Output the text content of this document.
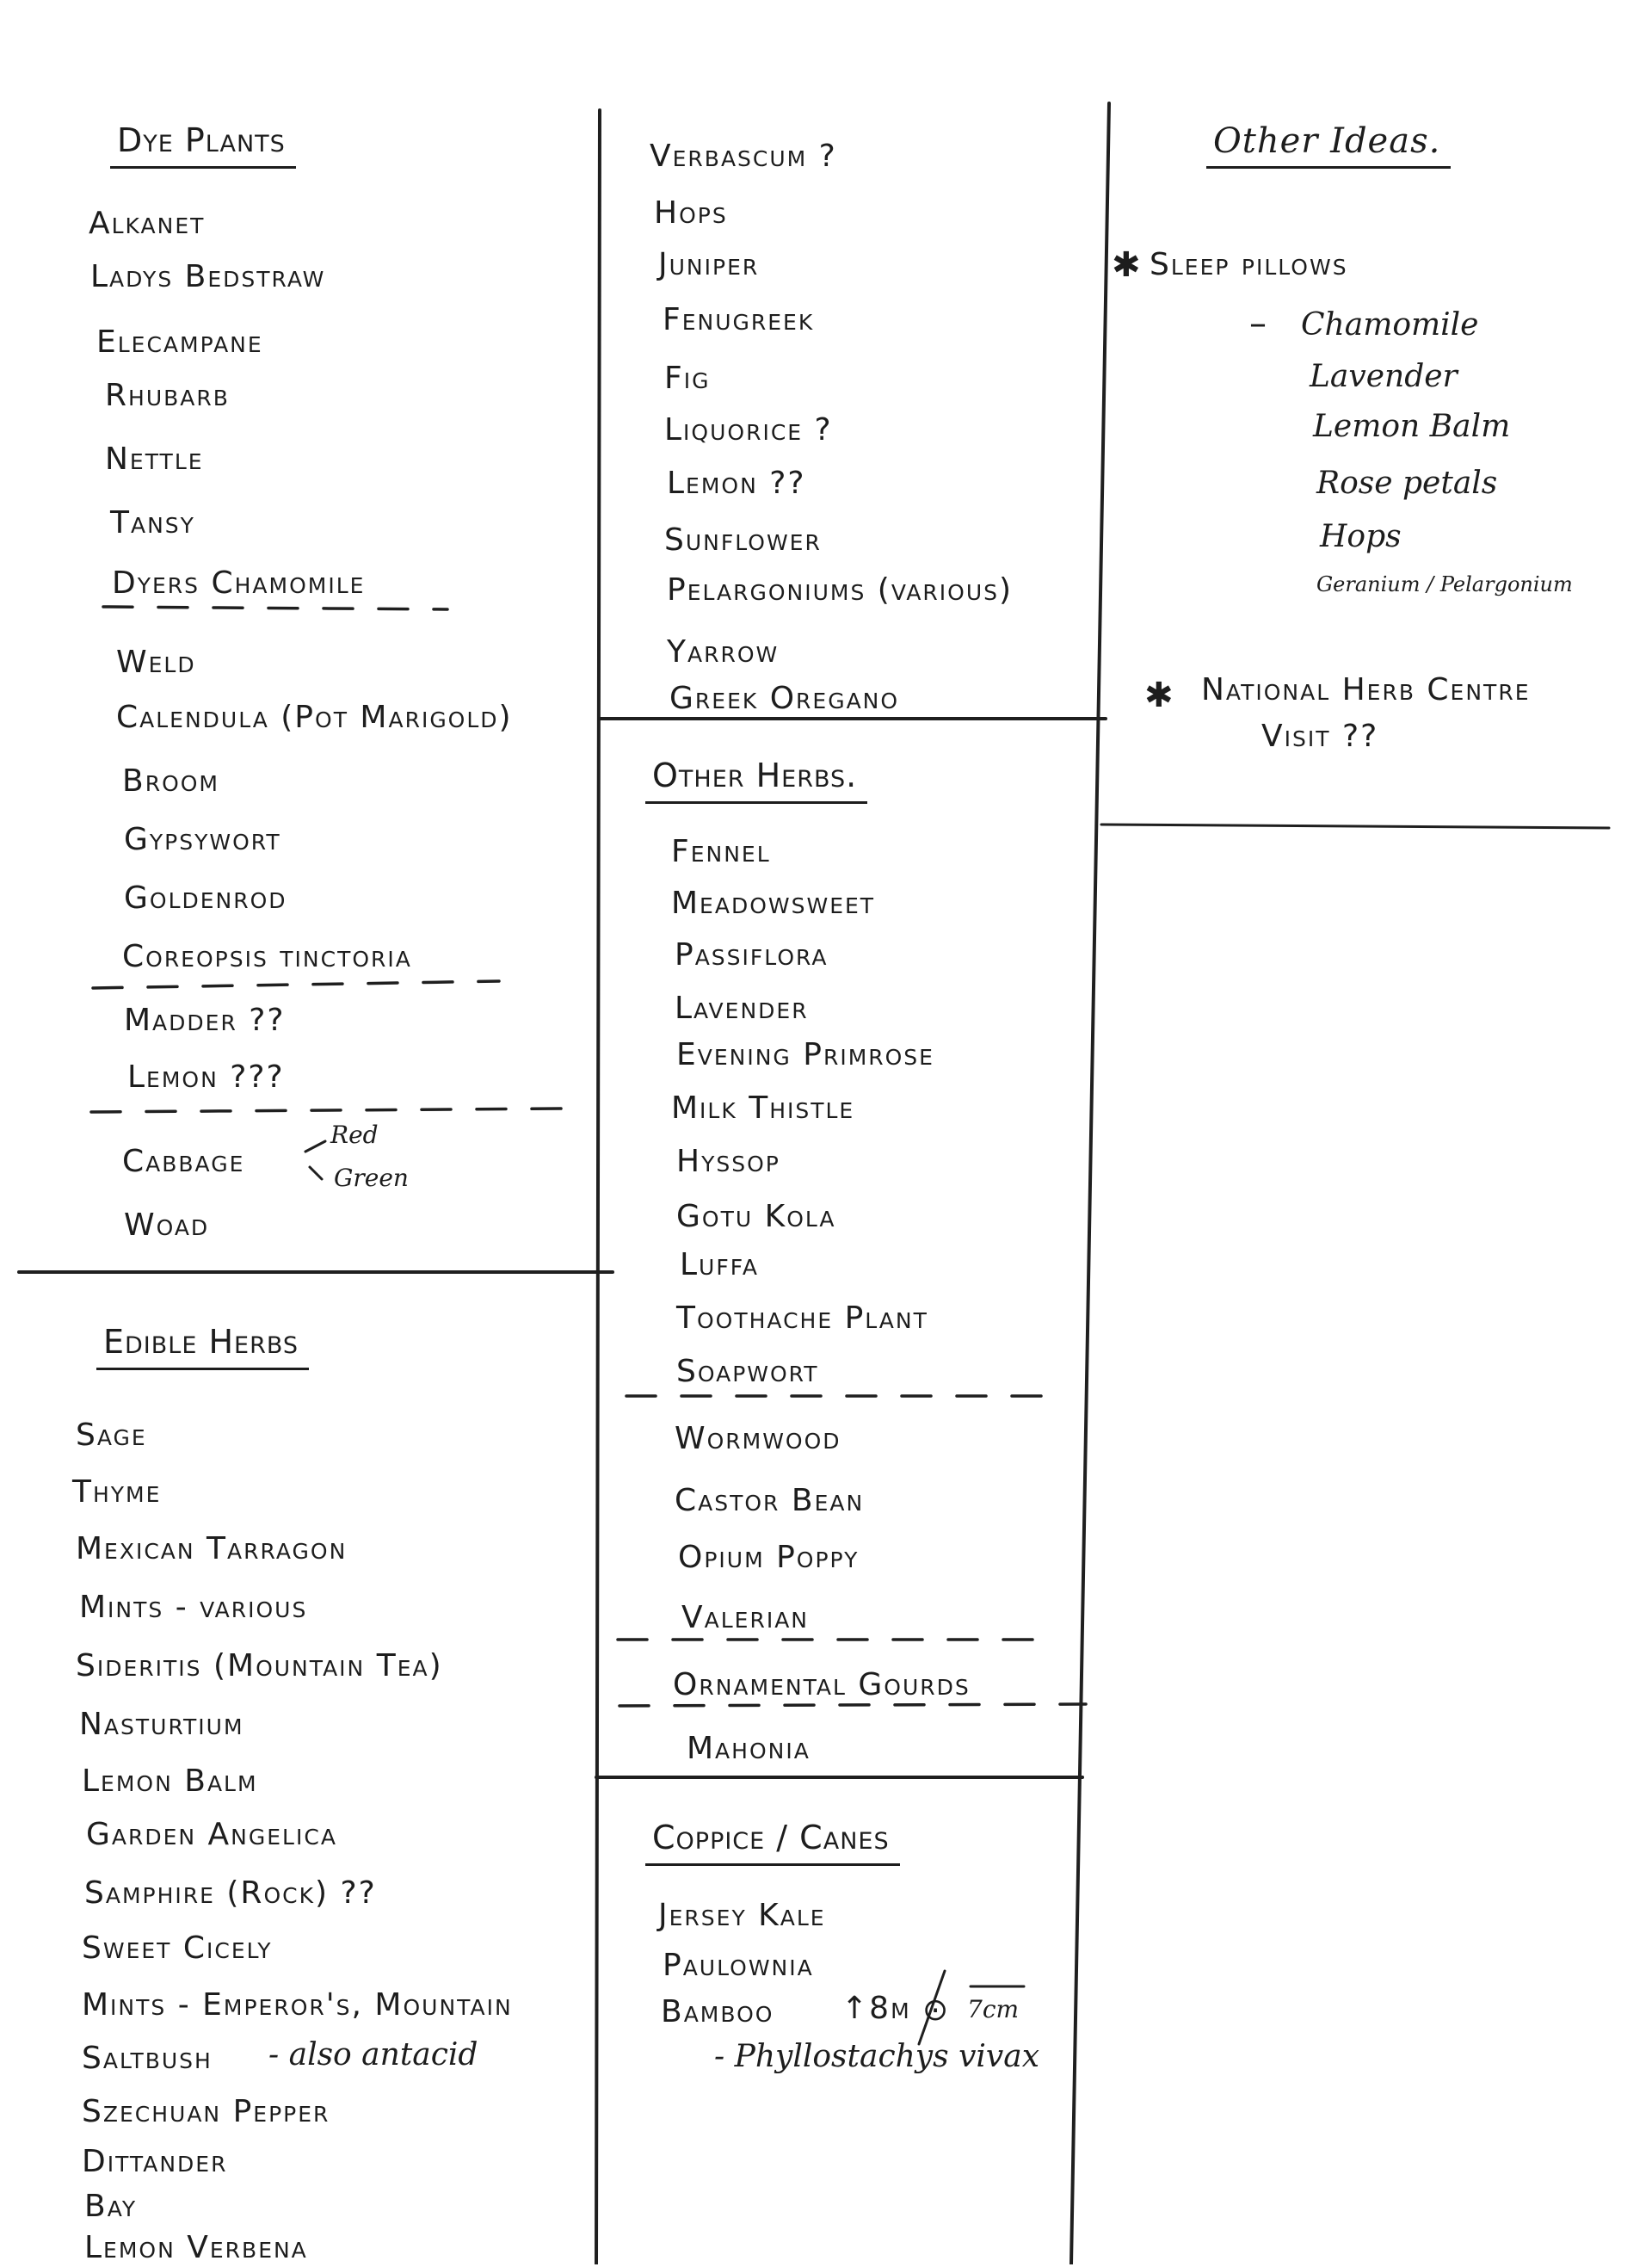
Dye Plants
Alkanet
Ladys Bedstraw
Elecampane
Rhubarb
Nettle
Tansy
Dyers Chamomile
Weld
Calendula (Pot Marigold)
Broom
Gypsywort
Goldenrod
Coreopsis tinctoria
Madder ??
Lemon ???
Cabbage
Red
Green
Woad
Edible Herbs
Sage
Thyme
Mexican Tarragon
Mints - various
Sideritis (Mountain Tea)
Nasturtium
Lemon Balm
Garden Angelica
Samphire (Rock) ??
Sweet Cicely
Mints - Emperor's, Mountain
Saltbush - also antacid
Szechuan Pepper
Dittander
Bay
Lemon Verbena
Verbascum ?
Hops
Juniper
Fenugreek
Fig
Liquorice ?
Lemon ??
Sunflower
Pelargoniums (various)
Yarrow
Greek Oregano
Other Herbs.
Fennel
Meadowsweet
Passiflora
Lavender
Evening Primrose
Milk Thistle
Hyssop
Gotu Kola
Luffa
Toothache Plant
Soapwort
Wormwood
Castor Bean
Opium Poppy
Valerian
Ornamental Gourds
Mahonia
Coppice / Canes
Jersey Kale
Paulownia
Bamboo ↑8m ⊙ 7cm
- Phyllostachys vivax
Other Ideas.
✱ Sleep pillows
– Chamomile
Lavender
Lemon Balm
Rose petals
Hops
Geranium / Pelargonium
✱ National Herb Centre
Visit ??
